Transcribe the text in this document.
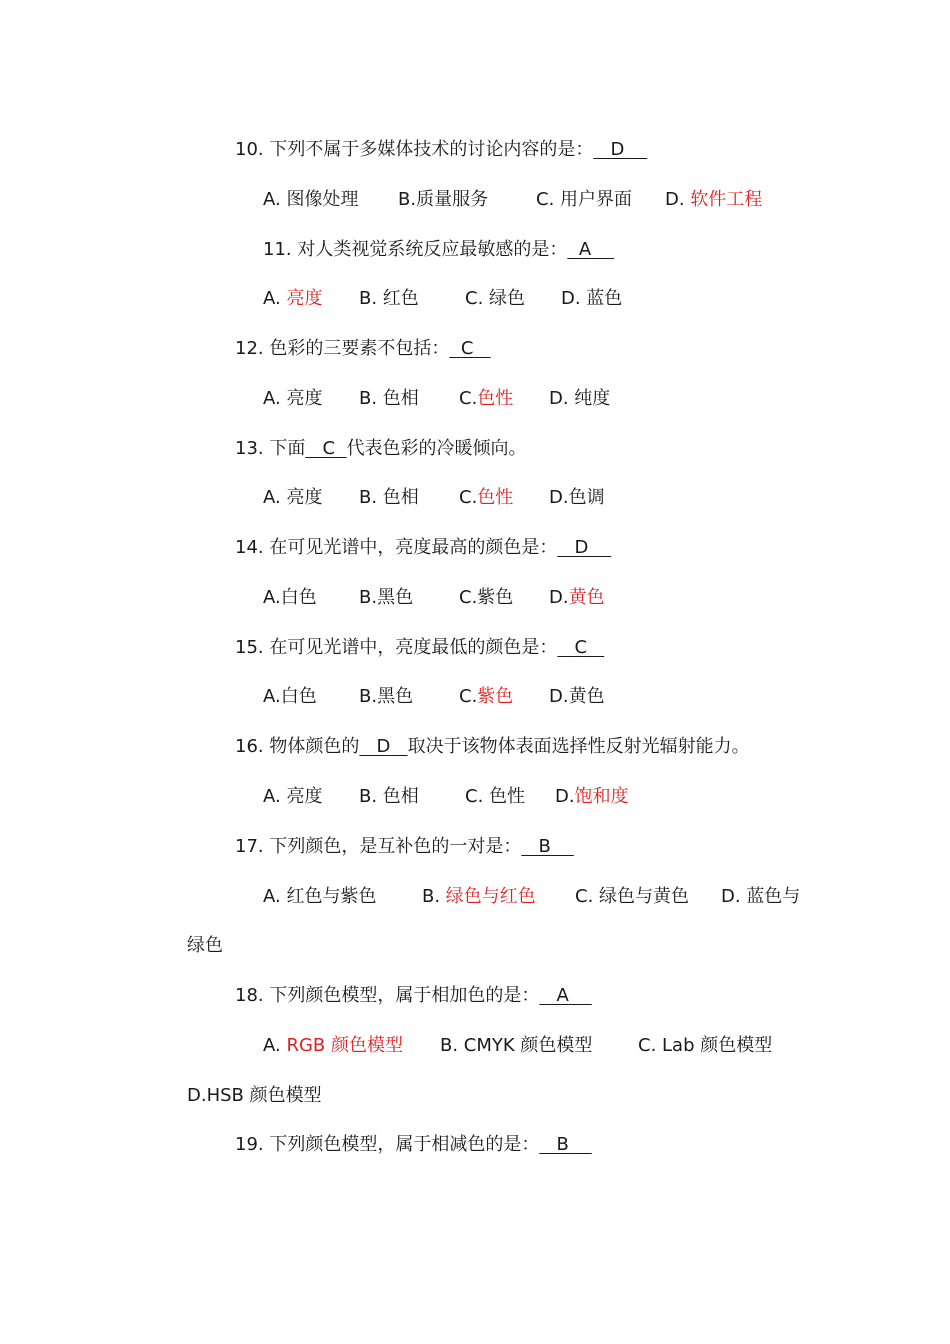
10. 下列不属于多媒体技术的讨论内容的是： D
A. 图像处理 B.质量服务	C. 用户界面 D. 软件工程
11. 对人类视觉系统反应最敏感的是： A
A. 亮度 B. 红色	C. 绿色 D. 蓝色
12. 色彩的三要素不包括： C
A. 亮度 B. 色相 C.色性 D. 纯度
13. 下面 C 代表色彩的冷暖倾向。
A. 亮度 B. 色相 C.色性 D.色调
14. 在可见光谱中，亮度最高的颜色是： D
A.白色 B.黑色	C.紫色 D.黄色
15. 在可见光谱中，亮度最低的颜色是： C
A.白色 B.黑色	C.紫色 D.黄色
16. 物体颜色的 D 取决于该物体表面选择性反射光辐射能力。
A. 亮度 B. 色相	C. 色性 D.饱和度
17. 下列颜色，是互补色的一对是： B
A. 红色与紫色	B. 绿色与红色 C. 绿色与黄色 D. 蓝色与
绿色
18. 下列颜色模型，属于相加色的是： A
A. RGB 颜色模型 B. CMYK 颜色模型	C. Lab 颜色模型
D.HSB 颜色模型
19. 下列颜色模型，属于相减色的是： B
